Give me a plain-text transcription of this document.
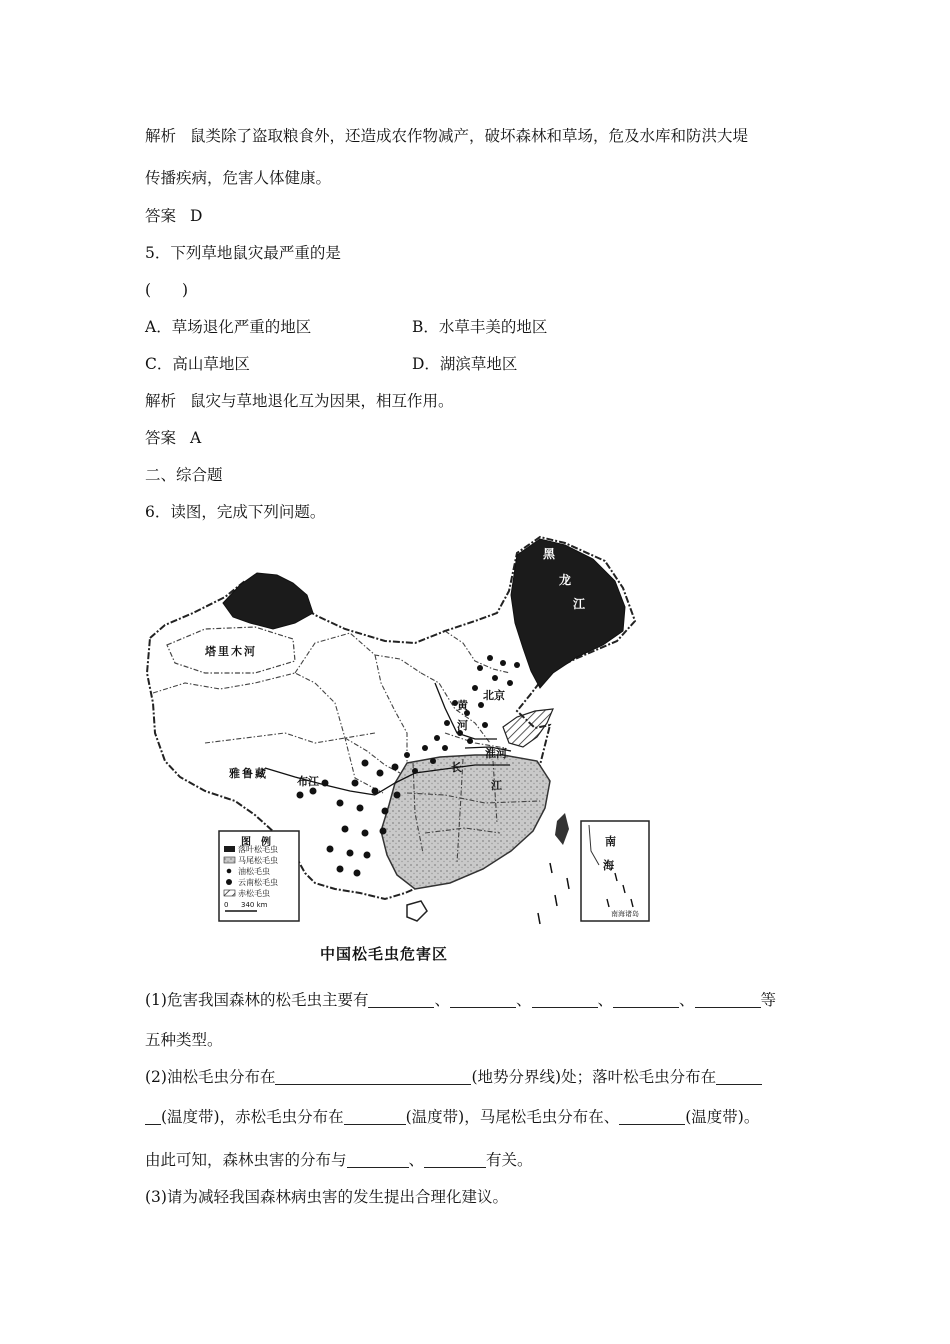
解析 鼠类除了盗取粮食外，还造成农作物减产，破坏森林和草场，危及水库和防洪大堤
传播疾病，危害人体健康。
答案 D
5．下列草地鼠灾最严重的是
(　　)
A．草场退化严重的地区	B．水草丰美的地区
C．高山草地区	D．湖滨草地区
解析 鼠灾与草地退化互为因果，相互作用。
答案 A
二、综合题
6．读图，完成下列问题。
黑
龙
江
塔里木河
北京
黄
河
淮河
长
江
雅鲁藏
布江
南
海
南海诸岛
图　例
落叶松毛虫
马尾松毛虫
油松毛虫
云南松毛虫
赤松毛虫
0 340 km
中国松毛虫危害区
(1)危害我国森林的松毛虫主要有	、	、	、	、	等
五种类型。
(2)油松毛虫分布在	(地势分界线)处；落叶松毛虫分布在
(温度带)，赤松毛虫分布在	(温度带)，马尾松毛虫分布在、	(温度带)。
由此可知，森林虫害的分布与	、	有关。
(3)请为减轻我国森林病虫害的发生提出合理化建议。
